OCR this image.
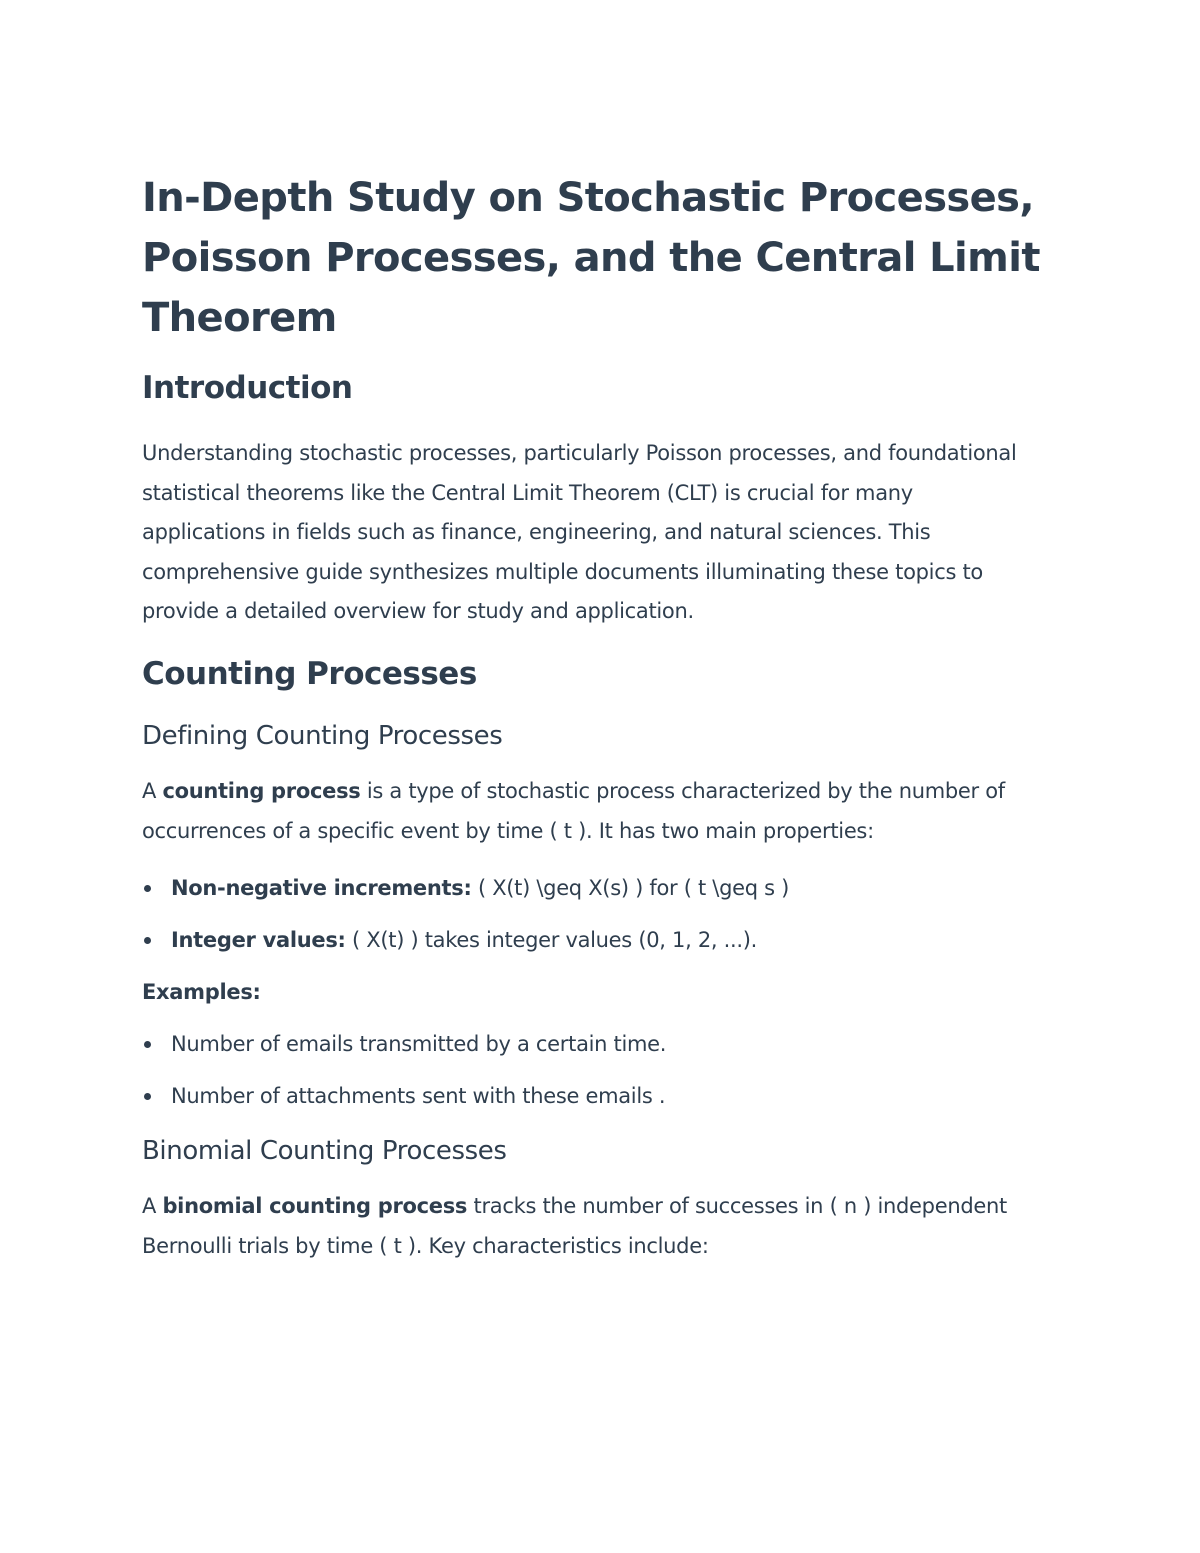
In-Depth Study on Stochastic Processes, Poisson Processes, and the Central Limit Theorem
Introduction

Understanding stochastic processes, particularly Poisson processes, and foundational statistical theorems like the Central Limit Theorem (CLT) is crucial for many applications in fields such as finance, engineering, and natural sciences. This comprehensive guide synthesizes multiple documents illuminating these topics to provide a detailed overview for study and application.

Counting Processes
Defining Counting Processes

A counting process is a type of stochastic process characterized by the number of occurrences of a specific event by time ( t ). It has two main properties:

Non-negative increments: ( X(t) \geq X(s) ) for ( t \geq s )
Integer values: ( X(t) ) takes integer values (0, 1, 2, ...).
Examples:
Number of emails transmitted by a certain time.
Number of attachments sent with these emails .
Binomial Counting Processes

A binomial counting process tracks the number of successes in ( n ) independent Bernoulli trials by time ( t ). Key characteristics include:
